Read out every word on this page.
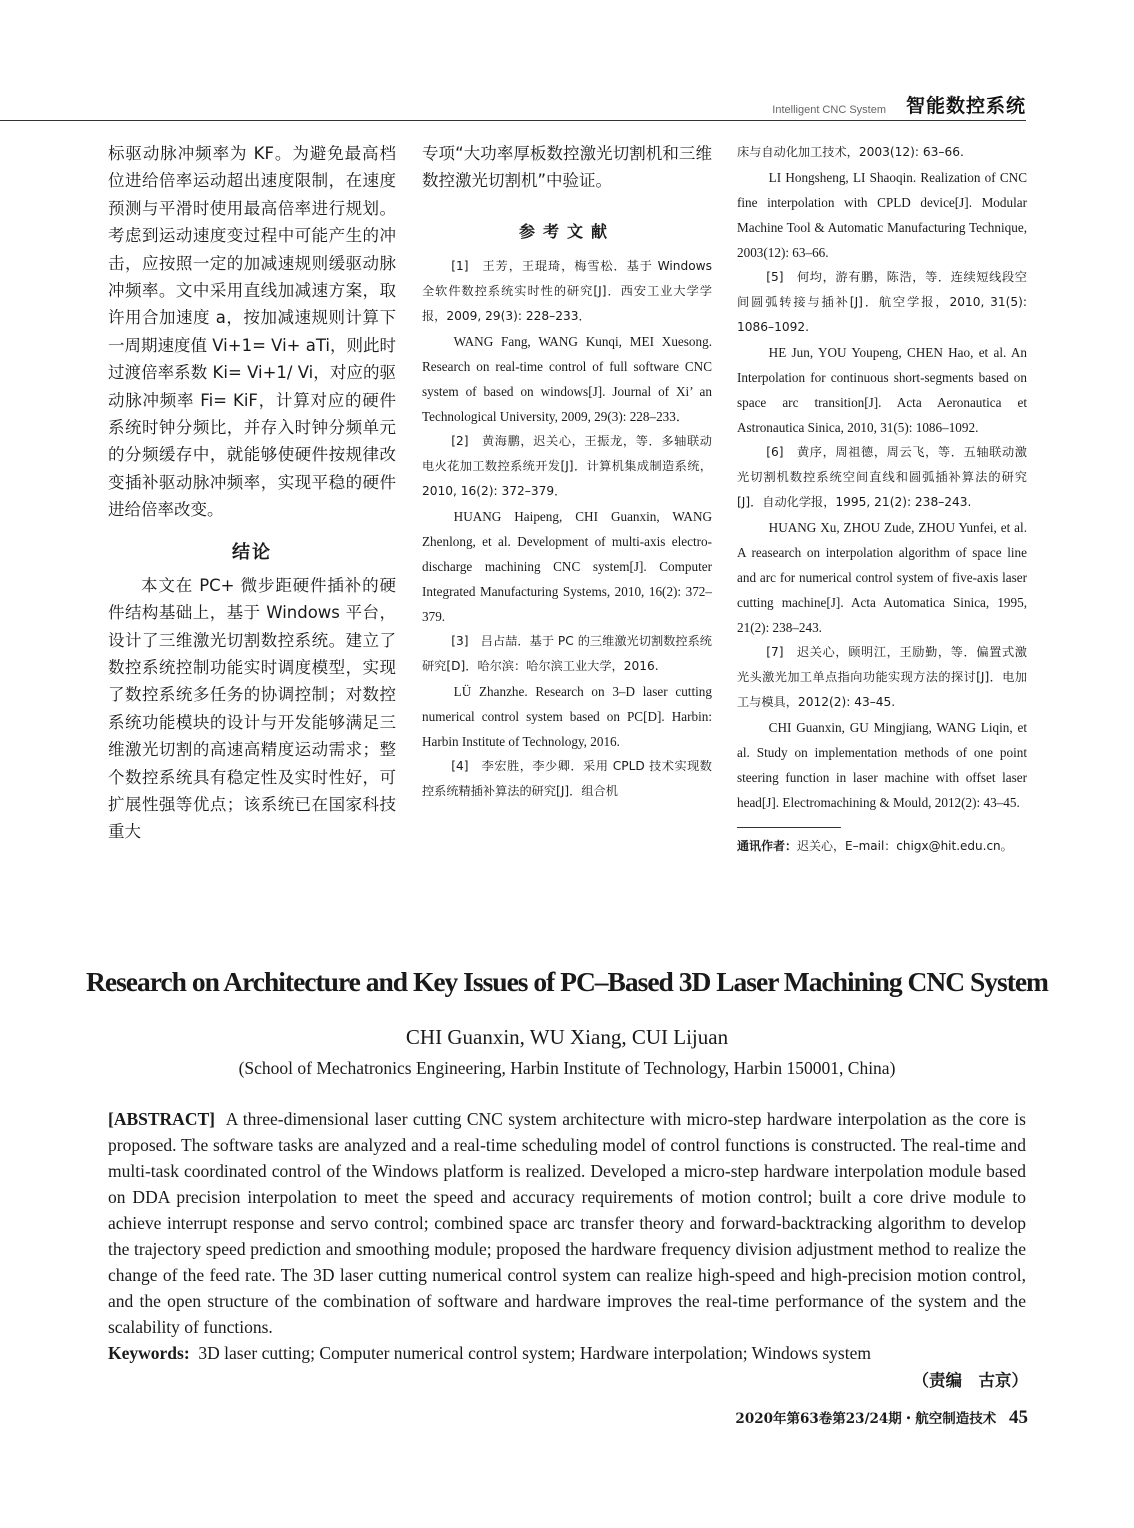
Intelligent CNC System 智能数控系统

标驱动脉冲频率为 KF。为避免最高档位进给倍率运动超出速度限制，在速度预测与平滑时使用最高倍率进行规划。考虑到运动速度变过程中可能产生的冲击，应按照一定的加减速规则缓驱动脉冲频率。文中采用直线加减速方案，取许用合加速度 a，按加减速规则计算下一周期速度值 Vi+1= Vi+ aTi，则此时过渡倍率系数 Ki= Vi+1/ Vi，对应的驱动脉冲频率 Fi= KiF，计算对应的硬件系统时钟分频比，并存入时钟分频单元的分频缓存中，就能够使硬件按规律改变插补驱动脉冲频率，实现平稳的硬件进给倍率改变。

结论

本文在 PC+ 微步距硬件插补的硬件结构基础上，基于 Windows 平台，设计了三维激光切割数控系统。建立了数控系统控制功能实时调度模型，实现了数控系统多任务的协调控制；对数控系统功能模块的设计与开发能够满足三维激光切割的高速高精度运动需求；整个数控系统具有稳定性及实时性好，可扩展性强等优点；该系统已在国家科技重大

专项“大功率厚板数控激光切割机和三维数控激光切割机”中验证。

参考文献

[1]　王芳，王琨琦，梅雪松．基于 Windows 全软件数控系统实时性的研究[J]．西安工业大学学报，2009, 29(3): 228–233．

WANG Fang, WANG Kunqi, MEI Xuesong. Research on real-time control of full software CNC system of based on windows[J]. Journal of Xi’ an Technological University, 2009, 29(3): 228–233．

[2]　黄海鹏，迟关心，王振龙，等．多轴联动电火花加工数控系统开发[J]．计算机集成制造系统，2010, 16(2): 372–379．

HUANG Haipeng, CHI Guanxin, WANG Zhenlong, et al. Development of multi-axis electro-discharge machining CNC system[J]. Computer Integrated Manufacturing Systems, 2010, 16(2): 372–379.

[3]　吕占喆．基于 PC 的三维激光切割数控系统研究[D]．哈尔滨：哈尔滨工业大学，2016.

LÜ Zhanzhe. Research on 3–D laser cutting numerical control system based on PC[D]. Harbin: Harbin Institute of Technology, 2016.

[4]　李宏胜，李少卿．采用 CPLD 技术实现数控系统精插补算法的研究[J]．组合机

床与自动化加工技术，2003(12): 63–66.

LI Hongsheng, LI Shaoqin. Realization of CNC fine interpolation with CPLD device[J]. Modular Machine Tool & Automatic Manufacturing Technique, 2003(12): 63–66.

[5]　何均，游有鹏，陈浩，等．连续短线段空间圆弧转接与插补[J]．航空学报，2010, 31(5): 1086–1092.

HE Jun, YOU Youpeng, CHEN Hao, et al. An Interpolation for continuous short-segments based on space arc transition[J]. Acta Aeronautica et Astronautica Sinica, 2010, 31(5): 1086–1092.

[6]　黄序，周祖德，周云飞，等．五轴联动激光切割机数控系统空间直线和圆弧插补算法的研究[J]．自动化学报，1995, 21(2): 238–243.

HUANG Xu, ZHOU Zude, ZHOU Yunfei, et al. A reasearch on interpolation algorithm of space line and arc for numerical control system of five-axis laser cutting machine[J]. Acta Automatica Sinica, 1995, 21(2): 238–243.

[7]　迟关心，顾明江，王励勤，等．偏置式激光头激光加工单点指向功能实现方法的探讨[J]．电加工与模具，2012(2): 43–45.

CHI Guanxin, GU Mingjiang, WANG Liqin, et al. Study on implementation methods of one point steering function in laser machine with offset laser head[J]. Electromachining & Mould, 2012(2): 43–45.

通讯作者：迟关心，E–mail：chigx@hit.edu.cn。

Research on Architecture and Key Issues of PC–Based 3D Laser Machining CNC System
CHI Guanxin, WU Xiang, CUI Lijuan
(School of Mechatronics Engineering, Harbin Institute of Technology, Harbin 150001, China)

[ABSTRACT] A three-dimensional laser cutting CNC system architecture with micro-step hardware interpolation as the core is proposed. The software tasks are analyzed and a real-time scheduling model of control functions is constructed. The real-time and multi-task coordinated control of the Windows platform is realized. Developed a micro-step hardware interpolation module based on DDA precision interpolation to meet the speed and accuracy requirements of motion control; built a core drive module to achieve interrupt response and servo control; combined space arc transfer theory and forward-backtracking algorithm to develop the trajectory speed prediction and smoothing module; proposed the hardware frequency division adjustment method to realize the change of the feed rate. The 3D laser cutting numerical control system can realize high-speed and high-precision motion control, and the open structure of the combination of software and hardware improves the real-time performance of the system and the scalability of functions.

Keywords: 3D laser cutting; Computer numerical control system; Hardware interpolation; Windows system

（责编　古京）
2020年第63卷第23/24期・航空制造技术 45
